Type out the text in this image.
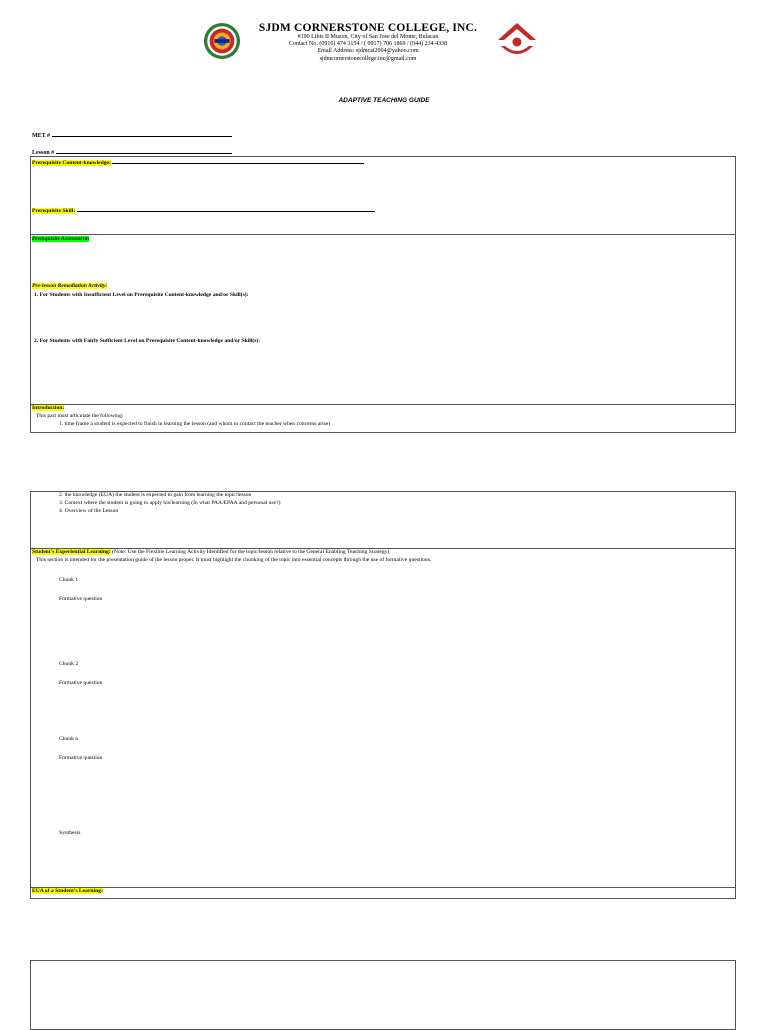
SJDM CORNERSTONE COLLEGE, INC.
#190 Libis II Muzon, City of San Jose del Monte, Bulacan
Contact No. (0916) 474 3154 / ( 0917) 706 1869 / (044) 234 4338
Email Address: sjdmcai2004@yahoo.com
sjdmcornerstonecollege.inc@gmail.com
ADAPTIVE TEACHING GUIDE
MET #
Lesson #
Prerequisite Content-knowledge:
Prerequisite Skill:
Prerequisite Assessment:
Pre-lesson Remediation Activity:
1. For Students with Insufficient Level on Prerequisite Content-knowledge and/or Skill(s):
2. For Students with Fairly Sufficient Level on Prerequisite Content-knowledge and/or Skill(s):
Introduction:
This part must articulate the following:
1. time frame a student is expected to finish in learning the lesson (and whom to contact the teacher when concerns arise)
2. the knowledge (EUA) the student is expected to gain from learning the topic/lesson
3. Context where the student is going to apply his/learning (In what PAA/EPAA and personal use?)
4. Overview of the Lesson
Student's Experiential Learning: (Note: Use the Flexible Learning Activity Identified for the topic/lesson relative to the General Enabling Teaching Strategy)
This section is intended for the presentation guide of the lesson proper. It must highlight the chunking of the topic into essential concepts through the use of formative questions.
Chunk 1
Formative question
Chunk 2
Formative question
Chunk n
Formative question
Synthesis
EUA of a Student's Learning:
